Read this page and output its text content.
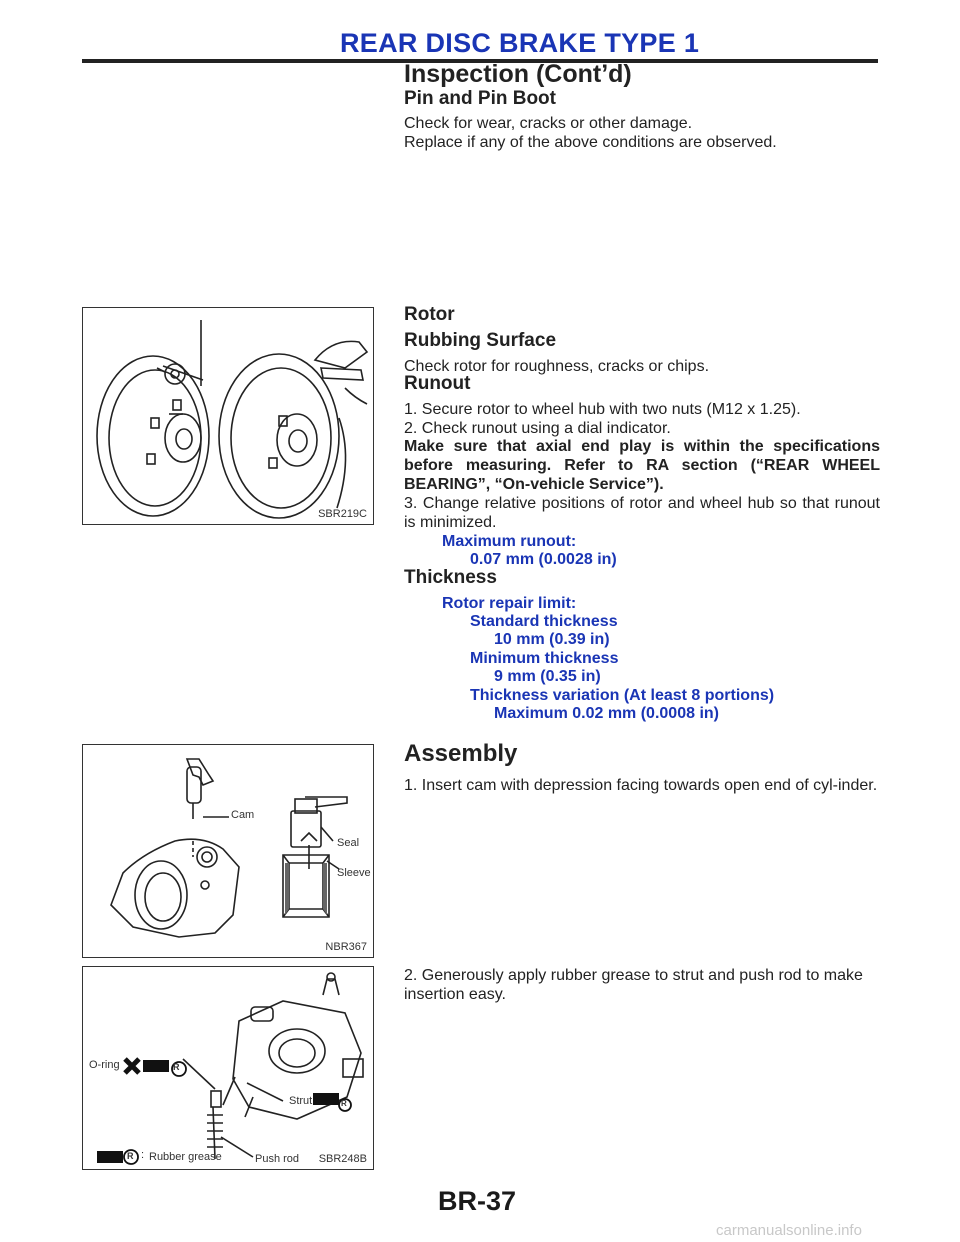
REAR DISC BRAKE TYPE 1
Inspection (Cont’d)
Pin and Pin Boot
Check for wear, cracks or other damage.
Replace if any of the above conditions are observed.
SBR219C
Rotor
Rubbing Surface
Check rotor for roughness, cracks or chips.
Runout
1. Secure rotor to wheel hub with two nuts (M12 x 1.25).
2. Check runout using a dial indicator.
Make sure that axial end play is within the specifications before measuring. Refer to RA section (“REAR WHEEL BEARING”, “On-vehicle Service”).
3. Change relative positions of rotor and wheel hub so that runout is minimized.
Maximum runout:
0.07 mm (0.0028 in)
Thickness
Rotor repair limit:
Standard thickness
10 mm (0.39 in)
Minimum thickness
9 mm (0.35 in)
Thickness variation (At least 8 portions)
Maximum 0.02 mm (0.0008 in)
Cam
Seal
Sleeve
NBR367
Assembly
1. Insert cam with depression facing towards open end of cyl-inder.
2. Generously apply rubber grease to strut and push rod to make insertion easy.
O-ring	R
Strut	R
Push rod
R : Rubber grease	SBR248B
BR-37
carmanualsonline.info
